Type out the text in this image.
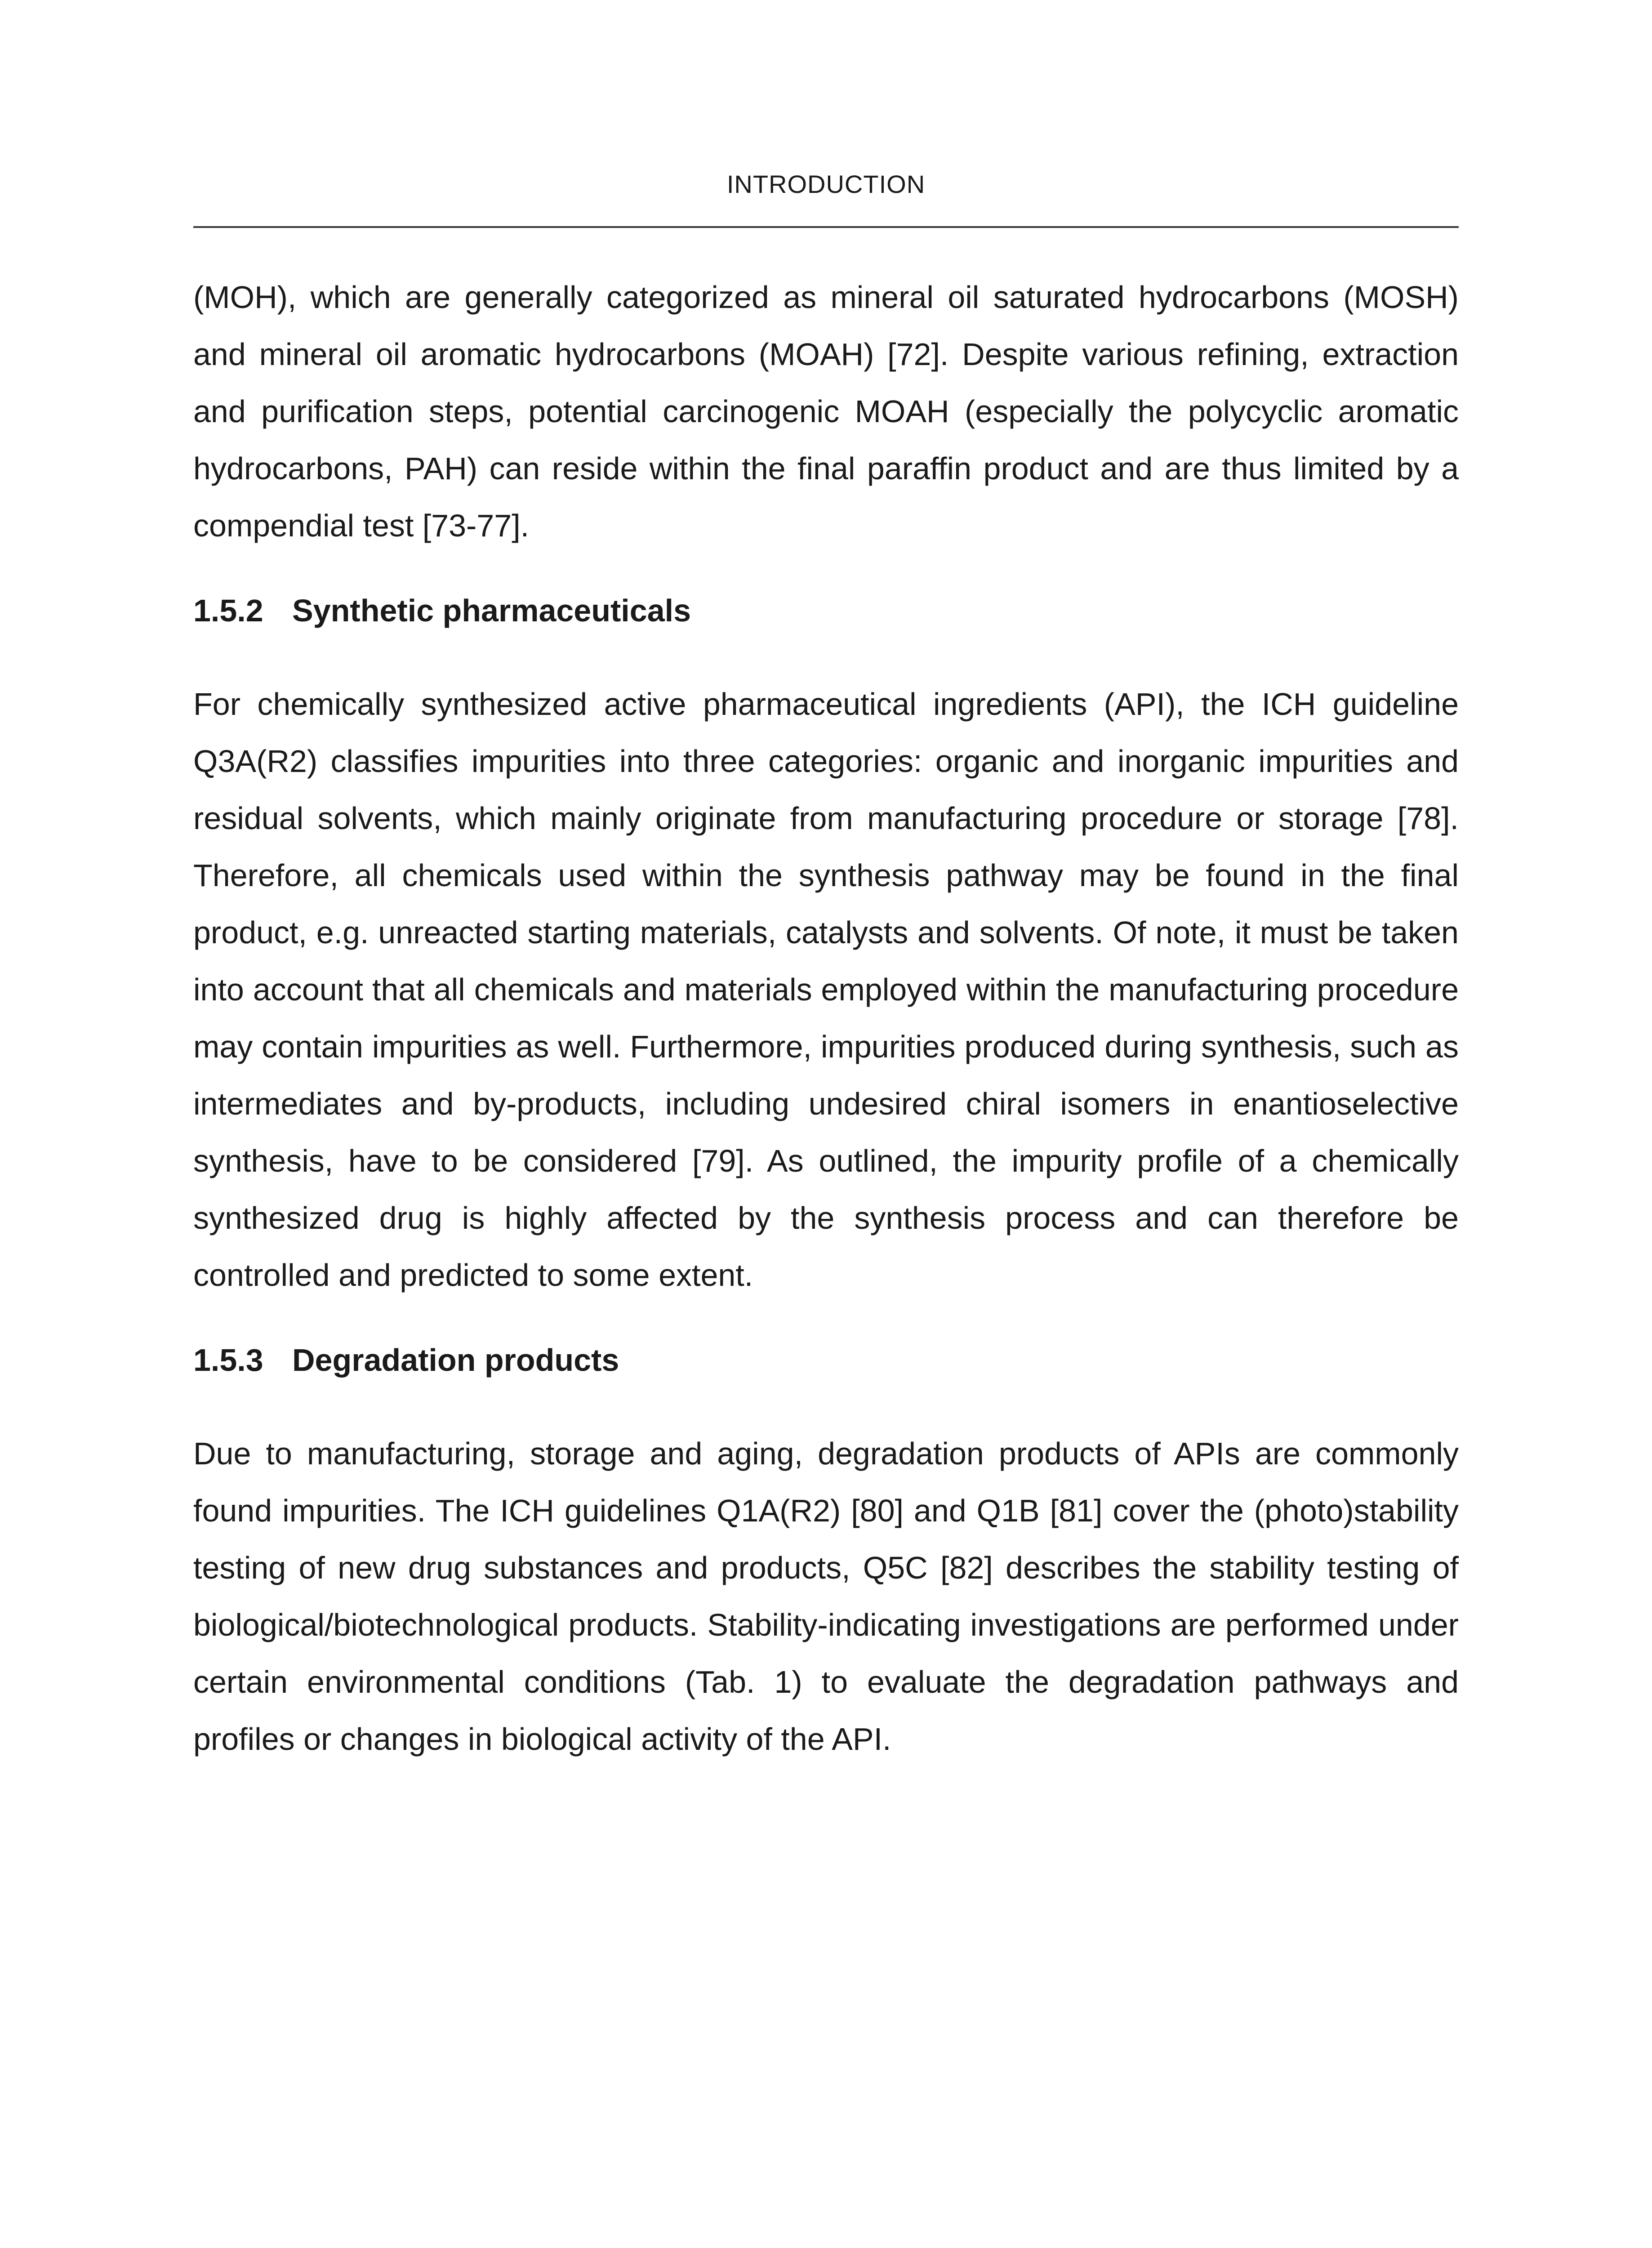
INTRODUCTION

(MOH), which are generally categorized as mineral oil saturated hydrocarbons (MOSH) and mineral oil aromatic hydrocarbons (MOAH) [72]. Despite various refining, extraction and purification steps, potential carcinogenic MOAH (especially the polycyclic aromatic hydrocarbons, PAH) can reside within the final paraffin product and are thus limited by a compendial test [73-77].

1.5.2 Synthetic pharmaceuticals

For chemically synthesized active pharmaceutical ingredients (API), the ICH guideline Q3A(R2) classifies impurities into three categories: organic and inorganic impurities and residual solvents, which mainly originate from manufacturing procedure or storage [78]. Therefore, all chemicals used within the synthesis pathway may be found in the final product, e.g. unreacted starting materials, catalysts and solvents. Of note, it must be taken into account that all chemicals and materials employed within the manufacturing procedure may contain impurities as well. Furthermore, impurities produced during synthesis, such as intermediates and by-products, including undesired chiral isomers in enantioselective synthesis, have to be considered [79]. As outlined, the impurity profile of a chemically synthesized drug is highly affected by the synthesis process and can therefore be controlled and predicted to some extent.

1.5.3 Degradation products

Due to manufacturing, storage and aging, degradation products of APIs are commonly found impurities. The ICH guidelines Q1A(R2) [80] and Q1B [81] cover the (photo)stability testing of new drug substances and products, Q5C [82] describes the stability testing of biological/biotechnological products. Stability-indicating investigations are performed under certain environmental conditions (Tab. 1) to evaluate the degradation pathways and profiles or changes in biological activity of the API.
